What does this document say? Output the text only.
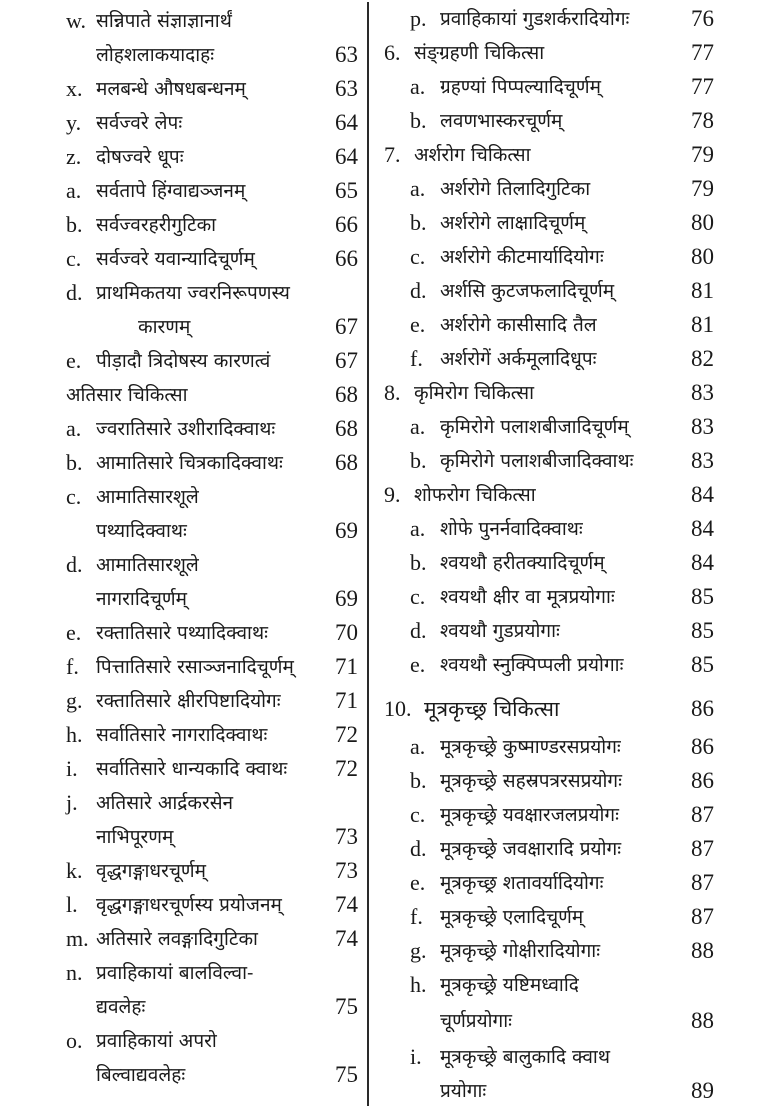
w. सन्निपाते संज्ञाज्ञानार्थं
लोहशलाकयादाहः	63
x. मलबन्धे औषधबन्धनम्	63
y. सर्वज्वरे लेपः	64
z. दोषज्वरे धूपः	64
a. सर्वतापे हिंग्वाद्यञ्जनम्	65
b. सर्वज्वरहरीगुटिका	66
c. सर्वज्वरे यवान्यादिचूर्णम्	66
d. प्राथमिकतया ज्वरनिरूपणस्य
कारणम्	67
e. पीड़ादौ त्रिदोषस्य कारणत्वं	67
अतिसार चिकित्सा	68
a. ज्वरातिसारे उशीरादिक्वाथः	68
b. आमातिसारे चित्रकादिक्वाथः	68
c. आमातिसारशूले
पथ्यादिक्वाथः	69
d. आमातिसारशूले
नागरादिचूर्णम्	69
e. रक्तातिसारे पथ्यादिक्वाथः	70
f. पित्तातिसारे रसाञ्जनादिचूर्णम्	71
g. रक्तातिसारे क्षीरपिष्टादियोगः	71
h. सर्वातिसारे नागरादिक्वाथः	72
i. सर्वातिसारे धान्यकादि क्वाथः	72
j. अतिसारे आर्द्रकरसेन
नाभिपूरणम्	73
k. वृद्धगङ्गाधरचूर्णम्	73
l. वृद्धगङ्गाधरचूर्णस्य प्रयोजनम्	74
m. अतिसारे लवङ्गादिगुटिका	74
n. प्रवाहिकायां बालविल्वा-
द्यवलेहः	75
o. प्रवाहिकायां अपरो
बिल्वाद्यवलेहः	75
p. प्रवाहिकायां गुडशर्करादियोगः	76
6. संङ्ग्रहणी चिकित्सा	77
a. ग्रहण्यां पिप्पल्यादिचूर्णम्	77
b. लवणभास्करचूर्णम्	78
7. अर्शरोग चिकित्सा	79
a. अर्शरोगे तिलादिगुटिका	79
b. अर्शरोगे लाक्षादिचूर्णम्	80
c. अर्शरोगे कीटमार्यादियोगः	80
d. अर्शसि कुटजफलादिचूर्णम्	81
e. अर्शरोगे कासीसादि तैल	81
f. अर्शरोगें अर्कमूलादिधूपः	82
8. कृमिरोग चिकित्सा	83
a. कृमिरोगे पलाशबीजादिचूर्णम्	83
b. कृमिरोगे पलाशबीजादिक्वाथः	83
9. शोफरोग चिकित्सा	84
a. शोफे पुनर्नवादिक्वाथः	84
b. श्वयथौ हरीतक्यादिचूर्णम्	84
c. श्वयथौ क्षीर वा मूत्रप्रयोगाः	85
d. श्वयथौ गुडप्रयोगाः	85
e. श्वयथौ स्नुक्पिप्पली प्रयोगाः	85
10. मूत्रकृच्छ्र चिकित्सा	86
a. मूत्रकृच्छ्रे कुष्माण्डरसप्रयोगः	86
b. मूत्रकृच्छ्रे सहस्रपत्ररसप्रयोगः	86
c. मूत्रकृच्छ्रे यवक्षारजलप्रयोगः	87
d. मूत्रकृच्छ्रे जवक्षारादि प्रयोगः	87
e. मूत्रकृच्छ्र शतावर्यादियोगः	87
f. मूत्रकृच्छ्रे एलादिचूर्णम्	87
g. मूत्रकृच्छ्रे गोक्षीरादियोगाः	88
h. मूत्रकृच्छ्रे यष्टिमध्वादि
चूर्णप्रयोगाः	88
i. मूत्रकृच्छ्रे बालुकादि क्वाथ
प्रयोगाः	89
